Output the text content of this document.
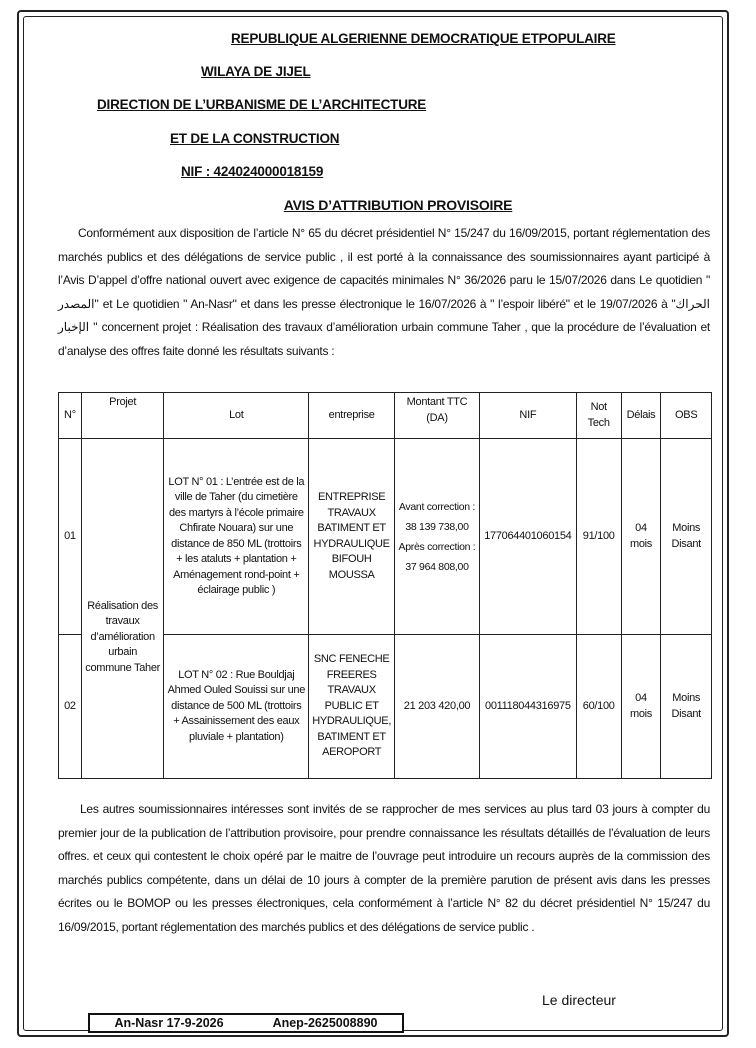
REPUBLIQUE ALGERIENNE DEMOCRATIQUE ETPOPULAIRE
WILAYA DE JIJEL
DIRECTION DE L’URBANISME DE L’ARCHITECTURE
ET DE LA CONSTRUCTION
NIF : 424024000018159
AVIS D’ATTRIBUTION PROVISOIRE
Conformément aux disposition de l’article N° 65 du décret présidentiel N° 15/247 du 16/09/2015, portant réglementation des marchés publics et des délégations de service public , il est porté à la connaissance des soumissionnaires ayant participé à l’Avis D’appel d’offre national ouvert avec exigence de capacités minimales N° 36/2026 paru le 15/07/2026 dans Le quotidien " المصدر" et Le quotidien " An-Nasr" et dans les presse électronique le 16/07/2026 à " l’espoir libéré" et le 19/07/2026 à "الحراك الإخبار " concernent projet : Réalisation des travaux d’amélioration urbain commune Taher , que la procédure de l’évaluation et d’analyse des offres faite donné les résultats suivants :
N°	Projet	Lot	entreprise	Montant TTC (DA)	NIF	Not Tech	Délais	OBS
01	Réalisation des travaux d’amélioration urbain commune Taher	LOT N° 01 : L’entrée est de la ville de Taher (du cimetière des martyrs à l’école primaire Chfirate Nouara) sur une distance de 850 ML (trottoirs + les ataluts + plantation + Aménagement rond-point + éclairage public )	ENTREPRISE TRAVAUX BATIMENT ET HYDRAULIQUE BIFOUH MOUSSA	Avant correction : 38 139 738,00 Après correction : 37 964 808,00	177064401060154	91/100	04 mois	Moins Disant
02		LOT N° 02 : Rue Bouldjaj Ahmed Ouled Souissi sur une distance de 500 ML (trottoirs + Assainissement des eaux pluviale + plantation)	SNC FENECHE FREERES TRAVAUX PUBLIC ET HYDRAULIQUE, BATIMENT ET AEROPORT	21 203 420,00	001118044316975	60/100	04 mois	Moins Disant
Les autres soumissionnaires intéresses sont invités de se rapprocher de mes services au plus tard 03 jours à compter du premier jour de la publication de l’attribution provisoire, pour prendre connaissance les résultats détaillés de l’évaluation de leurs offres. et ceux qui contestent le choix opéré par le maitre de l’ouvrage peut introduire un recours auprès de la commission des marchés publics compétente, dans un délai de 10 jours à compter de la première parution de présent avis dans les presses écrites ou le BOMOP ou les presses électroniques, cela conformément à l’article N° 82 du décret présidentiel N° 15/247 du 16/09/2015, portant réglementation des marchés publics et des délégations de service public .
Le directeur
An-Nasr 17-9-2026	Anep-2625008890
